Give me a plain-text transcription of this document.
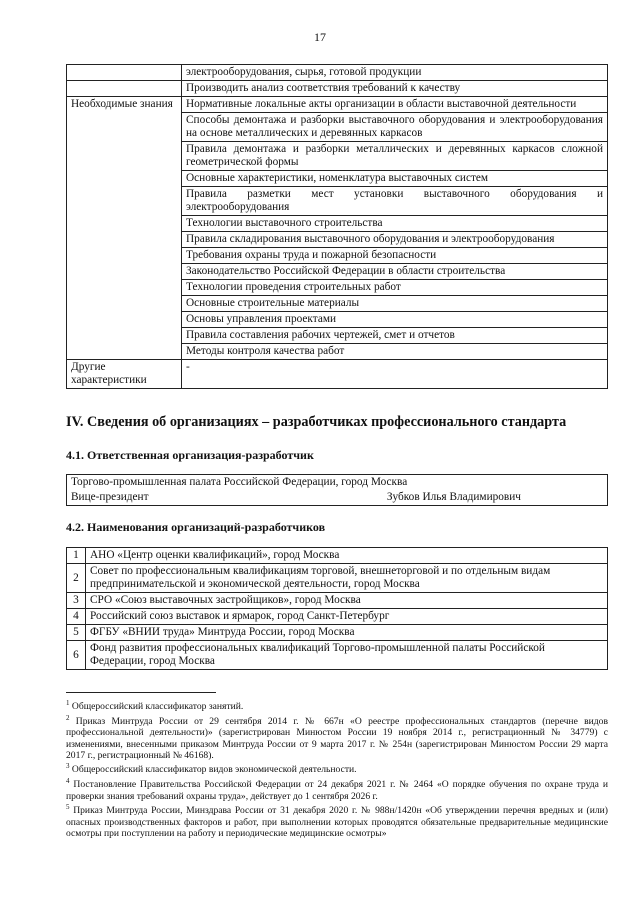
17
	электрооборудования, сырья, готовой продукции
	Производить анализ соответствия требований к качеству
Необходимые знания	Нормативные локальные акты организации в области выставочной деятельности
	Способы демонтажа и разборки выставочного оборудования и электрооборудования на основе металлических и деревянных каркасов
	Правила демонтажа и разборки металлических и деревянных каркасов сложной геометрической формы
	Основные характеристики, номенклатура выставочных систем
	Правила разметки мест установки выставочного оборудования и электрооборудования
	Технологии выставочного строительства
	Правила складирования выставочного оборудования и электрооборудования
	Требования охраны труда и пожарной безопасности
	Законодательство Российской Федерации в области строительства
	Технологии проведения строительных работ
	Основные строительные материалы
	Основы управления проектами
	Правила составления рабочих чертежей, смет и отчетов
	Методы контроля качества работ
Другие характеристики	-
IV. Сведения об организациях – разработчиках профессионального стандарта
4.1. Ответственная организация-разработчик
Торгово-промышленная палата Российской Федерации, город Москва

Вице-президент	Зубков Илья Владимирович
4.2. Наименования организаций-разработчиков
1	АНО «Центр оценки квалификаций», город Москва
2	Совет по профессиональным квалификациям торговой, внешнеторговой и по отдельным видам предпринимательской и экономической деятельности, город Москва
3	СРО «Союз выставочных застройщиков», город Москва
4	Российский союз выставок и ярмарок, город Санкт-Петербург
5	ФГБУ «ВНИИ труда» Минтруда России, город Москва
6	Фонд развития профессиональных квалификаций Торгово-промышленной палаты Российской Федерации, город Москва

$^1$ Общероссийский классификатор занятий.

$^2$ Приказ Минтруда России от 29 сентября 2014 г. № 667н «О реестре профессиональных стандартов (перечне видов профессиональной деятельности)» (зарегистрирован Минюстом России 19 ноября 2014 г., регистрационный № 34779) с изменениями, внесенными приказом Минтруда России от 9 марта 2017 г. № 254н (зарегистрирован Минюстом России 29 марта 2017 г., регистрационный № 46168).

$^3$ Общероссийский классификатор видов экономической деятельности.

$^4$ Постановление Правительства Российской Федерации от 24 декабря 2021 г. № 2464 «О порядке обучения по охране труда и проверки знания требований охраны труда», действует до 1 сентября 2026 г.

$^5$ Приказ Минтруда России, Минздрава России от 31 декабря 2020 г. № 988н/1420н «Об утверждении перечня вредных и (или) опасных производственных факторов и работ, при выполнении которых проводятся обязательные предварительные медицинские осмотры при поступлении на работу и периодические медицинские осмотры»
